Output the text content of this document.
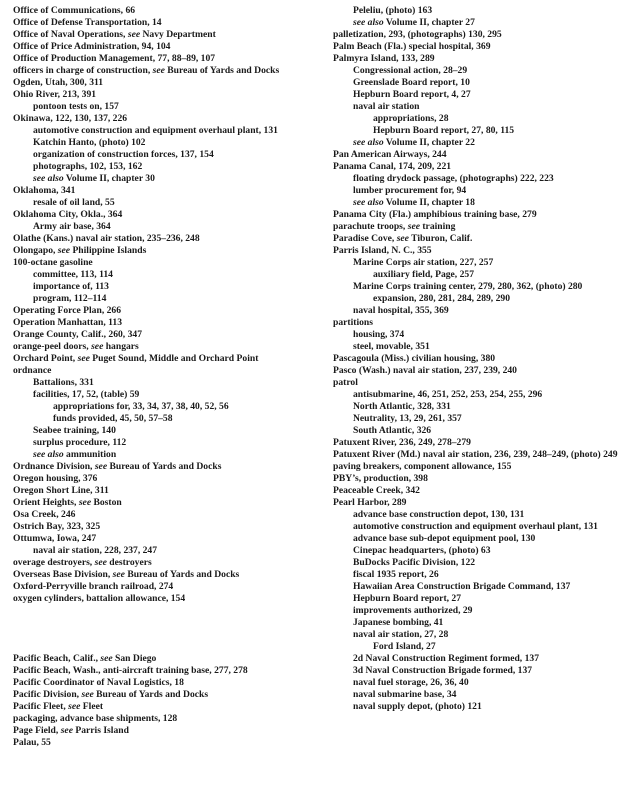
Office of Communications, 66
Office of Defense Transportation, 14
Office of Naval Operations, see Navy Department
Office of Price Administration, 94, 104
Office of Production Management, 77, 88–89, 107
officers in charge of construction, see Bureau of Yards and Docks
Ogden, Utah, 300, 311
Ohio River, 213, 391
pontoon tests on, 157
Okinawa, 122, 130, 137, 226
automotive construction and equipment overhaul plant, 131
Katchin Hanto, (photo) 102
organization of construction forces, 137, 154
photographs, 102, 153, 162
see also Volume II, chapter 30
Oklahoma, 341
resale of oil land, 55
Oklahoma City, Okla., 364
Army air base, 364
Olathe (Kans.) naval air station, 235–236, 248
Olongapo, see Philippine Islands
100-octane gasoline
committee, 113, 114
importance of, 113
program, 112–114
Operating Force Plan, 266
Operation Manhattan, 113
Orange County, Calif., 260, 347
orange-peel doors, see hangars
Orchard Point, see Puget Sound, Middle and Orchard Point
ordnance
Battalions, 331
facilities, 17, 52, (table) 59
appropriations for, 33, 34, 37, 38, 40, 52, 56
funds provided, 45, 50, 57–58
Seabee training, 140
surplus procedure, 112
see also ammunition
Ordnance Division, see Bureau of Yards and Docks
Oregon housing, 376
Oregon Short Line, 311
Orient Heights, see Boston
Osa Creek, 246
Ostrich Bay, 323, 325
Ottumwa, Iowa, 247
naval air station, 228, 237, 247
overage destroyers, see destroyers
Overseas Base Division, see Bureau of Yards and Docks
Oxford-Perryville branch railroad, 274
oxygen cylinders, battalion allowance, 154
Pacific Beach, Calif., see San Diego
Pacific Beach, Wash., anti-aircraft training base, 277, 278
Pacific Coordinator of Naval Logistics, 18
Pacific Division, see Bureau of Yards and Docks
Pacific Fleet, see Fleet
packaging, advance base shipments, 128
Page Field, see Parris Island
Palau, 55
Peleliu, (photo) 163
see also Volume II, chapter 27
palletization, 293, (photographs) 130, 295
Palm Beach (Fla.) special hospital, 369
Palmyra Island, 133, 289
Congressional action, 28–29
Greenslade Board report, 10
Hepburn Board report, 4, 27
naval air station
appropriations, 28
Hepburn Board report, 27, 80, 115
see also Volume II, chapter 22
Pan American Airways, 244
Panama Canal, 174, 209, 221
floating drydock passage, (photographs) 222, 223
lumber procurement for, 94
see also Volume II, chapter 18
Panama City (Fla.) amphibious training base, 279
parachute troops, see training
Paradise Cove, see Tiburon, Calif.
Parris Island, N. C., 355
Marine Corps air station, 227, 257
auxiliary field, Page, 257
Marine Corps training center, 279, 280, 362, (photo) 280
expansion, 280, 281, 284, 289, 290
naval hospital, 355, 369
partitions
housing, 374
steel, movable, 351
Pascagoula (Miss.) civilian housing, 380
Pasco (Wash.) naval air station, 237, 239, 240
patrol
antisubmarine, 46, 251, 252, 253, 254, 255, 296
North Atlantic, 328, 331
Neutrality, 13, 29, 261, 357
South Atlantic, 326
Patuxent River, 236, 249, 278–279
Patuxent River (Md.) naval air station, 236, 239, 248–249, (photo) 249
paving breakers, component allowance, 155
PBY’s, production, 398
Peaceable Creek, 342
Pearl Harbor, 289
advance base construction depot, 130, 131
automotive construction and equipment overhaul plant, 131
advance base sub-depot equipment pool, 130
Cinepac headquarters, (photo) 63
BuDocks Pacific Division, 122
fiscal 1935 report, 26
Hawaiian Area Construction Brigade Command, 137
Hepburn Board report, 27
improvements authorized, 29
Japanese bombing, 41
naval air station, 27, 28
Ford Island, 27
2d Naval Construction Regiment formed, 137
3d Naval Construction Brigade formed, 137
naval fuel storage, 26, 36, 40
naval submarine base, 34
naval supply depot, (photo) 121
